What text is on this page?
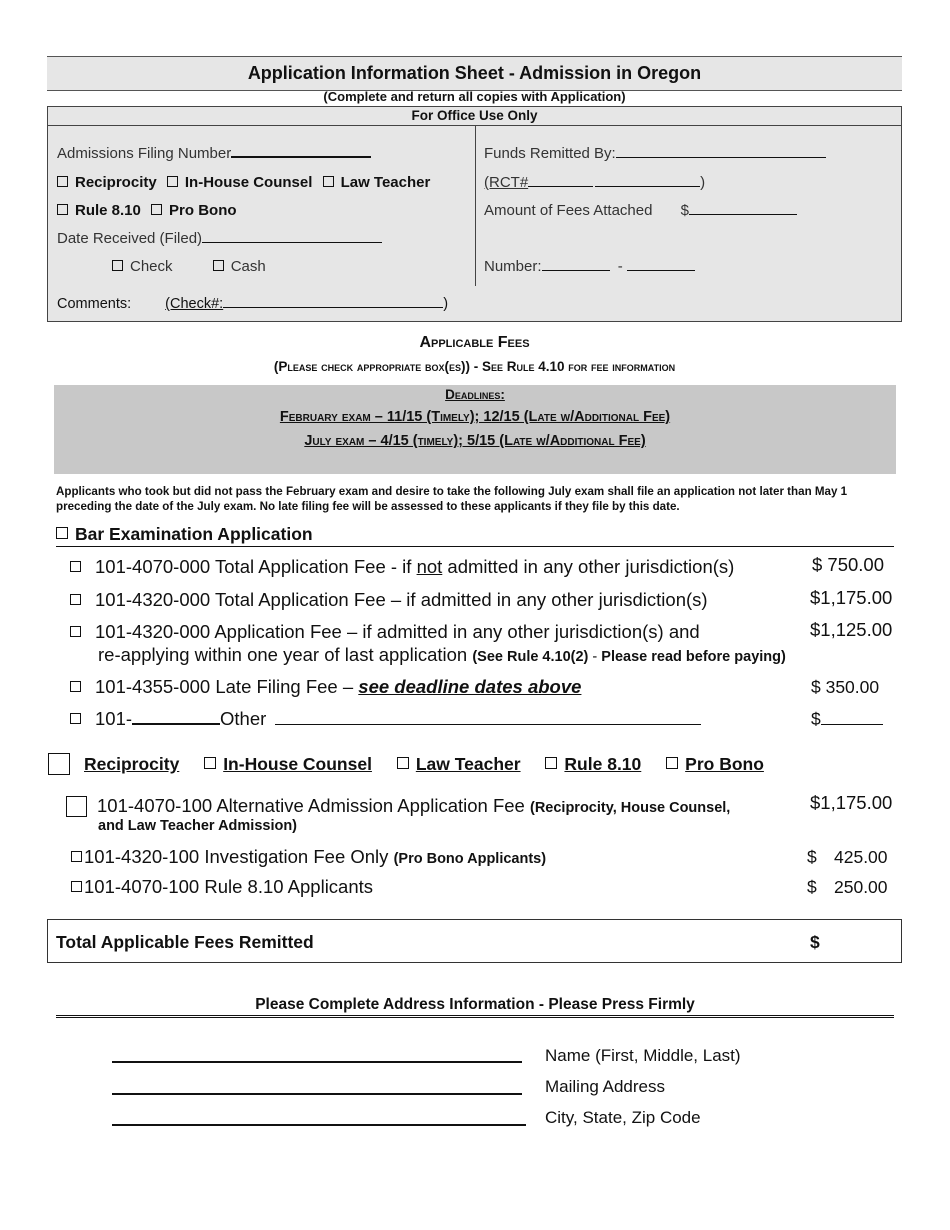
Application Information Sheet - Admission in Oregon
(Complete and return all copies with Application)
For Office Use Only
Admissions Filing Number
Reciprocity In-House Counsel Law Teacher
Rule 8.10 Pro Bono
Date Received (Filed)
Check	Cash
Comments: (Check#:	)
Funds Remitted By:
(RCT#	)
Amount of Fees Attached $
Number:	-
Applicable Fees
(Please check appropriate box(es)) - See Rule 4.10 for fee information
Deadlines:
February exam – 11/15 (Timely); 12/15 (Late w/Additional Fee)
July exam – 4/15 (timely); 5/15 (Late w/Additional Fee)
Applicants who took but did not pass the February exam and desire to take the following July exam shall file an application not later than May 1 preceding the date of the July exam. No late filing fee will be assessed to these applicants if they file by this date.
Bar Examination Application
101-4070-000 Total Application Fee - if not admitted in any other jurisdiction(s)	$ 750.00
101-4320-000 Total Application Fee – if admitted in any other jurisdiction(s)	$1,175.00
101-4320-000 Application Fee – if admitted in any other jurisdiction(s) and
re-applying within one year of last application (See Rule 4.10(2) - Please read before paying)
$1,125.00
101-4355-000 Late Filing Fee – see deadline dates above	$ 350.00
101-	Other	$
Reciprocity	In-House Counsel	Law Teacher	Rule 8.10	Pro Bono
101-4070-100 Alternative Admission Application Fee (Reciprocity, House Counsel,
and Law Teacher Admission)
$1,175.00
101-4320-100 Investigation Fee Only (Pro Bono Applicants)	$ 425.00
101-4070-100 Rule 8.10 Applicants	$ 250.00
Total Applicable Fees Remitted	$
Please Complete Address Information - Please Press Firmly
Name (First, Middle, Last)
Mailing Address
City, State, Zip Code
